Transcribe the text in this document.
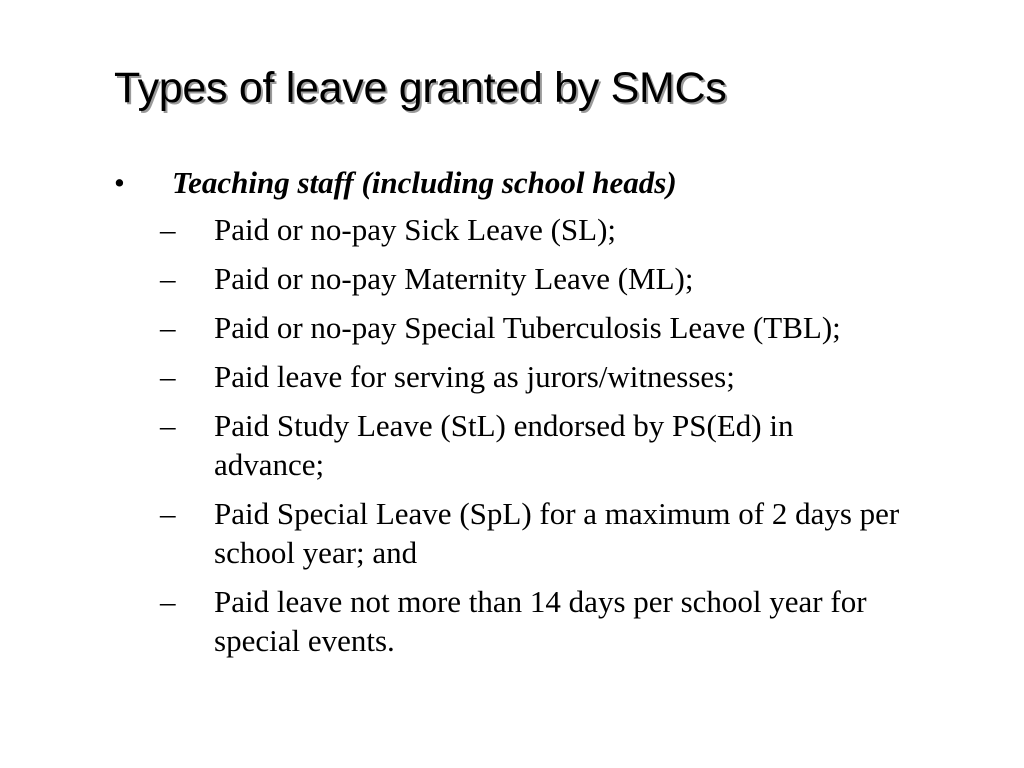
Types of leave granted by SMCs
• Teaching staff (including school heads)
– Paid or no-pay Sick Leave (SL);
– Paid or no-pay Maternity Leave (ML);
– Paid or no-pay Special Tuberculosis Leave (TBL);
– Paid leave for serving as jurors/witnesses;
– Paid Study Leave (StL) endorsed by PS(Ed) in advance;
– Paid Special Leave (SpL) for a maximum of 2 days per school year; and
– Paid leave not more than 14 days per school year for special events.
